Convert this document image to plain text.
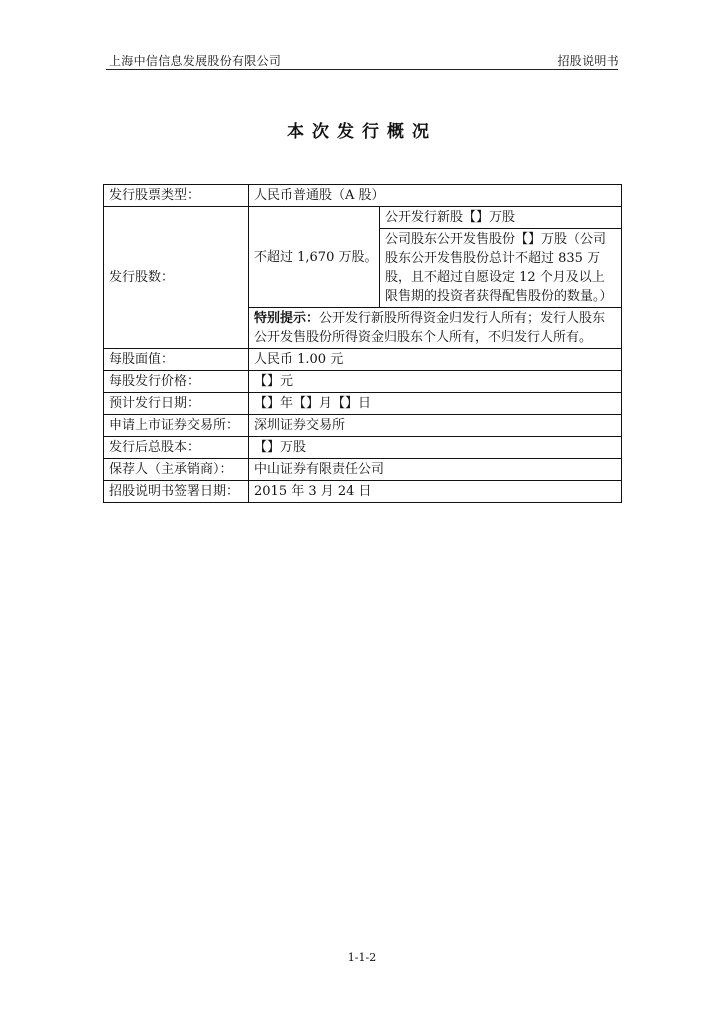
上海中信信息发展股份有限公司	招股说明书
本次发行概况
发行股票类型：	人民币普通股（A 股）	
发行股数：	不超过 1,670 万股。	公开发行新股【】万股
		公司股东公开发售股份【】万股（公司股东公开发售股份总计不超过 835 万股，且不超过自愿设定 12 个月及以上限售期的投资者获得配售股份的数量。）
	特别提示：公开发行新股所得资金归发行人所有；发行人股东公开发售股份所得资金归股东个人所有，不归发行人所有。	
每股面值：	人民币 1.00 元	
每股发行价格：	【】元	
预计发行日期：	【】年【】月【】日	
申请上市证券交易所：	深圳证券交易所	
发行后总股本：	【】万股	
保荐人（主承销商）：	中山证券有限责任公司	
招股说明书签署日期：	2015 年 3 月 24 日	
1-1-2
